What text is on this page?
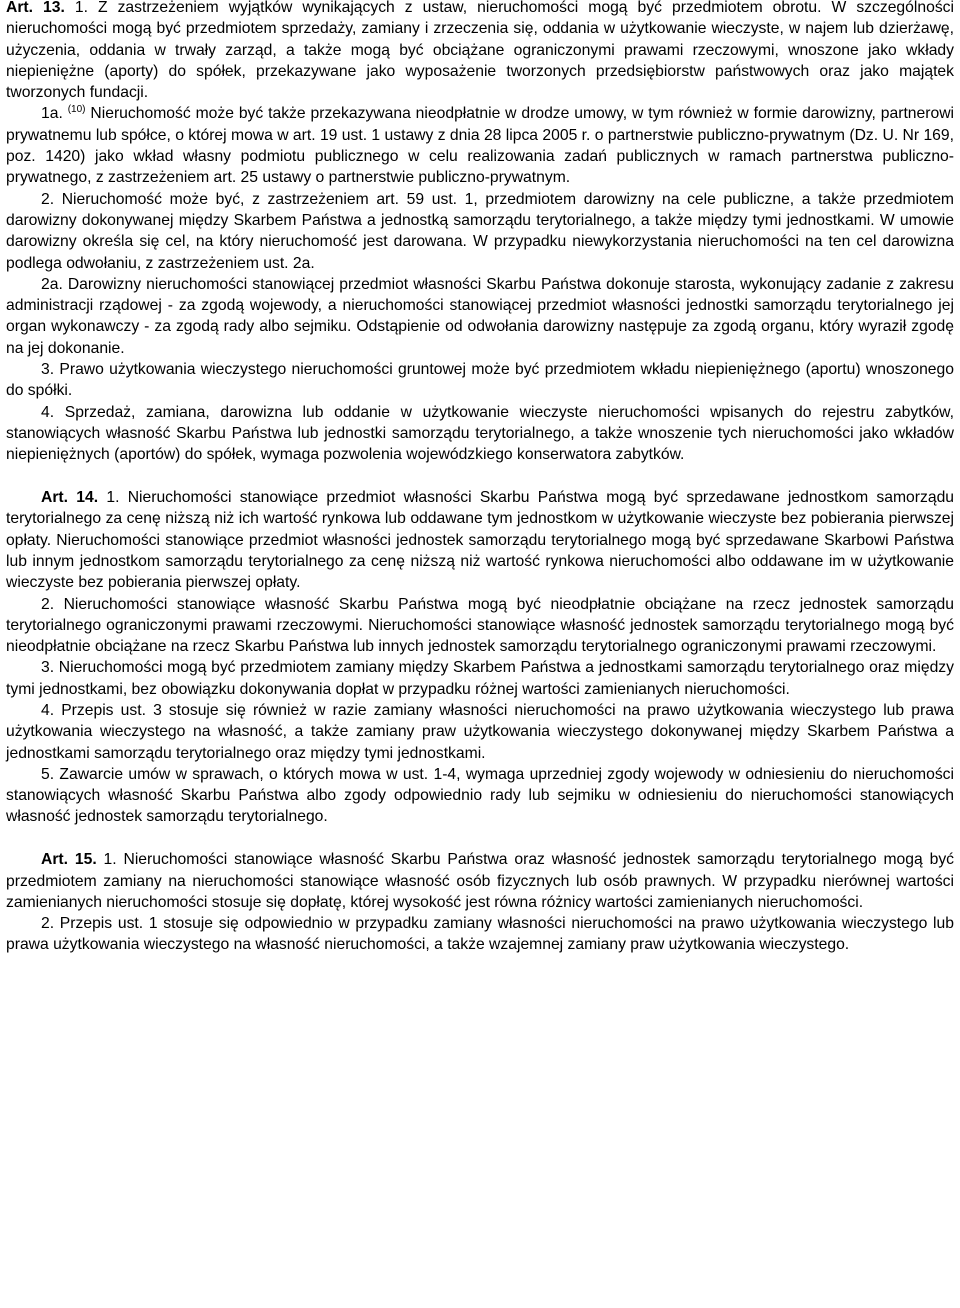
Art. 13. 1. Z zastrzeżeniem wyjątków wynikających z ustaw, nieruchomości mogą być przedmiotem obrotu. W szczególności nieruchomości mogą być przedmiotem sprzedaży, zamiany i zrzeczenia się, oddania w użytkowanie wieczyste, w najem lub dzierżawę, użyczenia, oddania w trwały zarząd, a także mogą być obciążane ograniczonymi prawami rzeczowymi, wnoszone jako wkłady niepieniężne (aporty) do spółek, przekazywane jako wyposażenie tworzonych przedsiębiorstw państwowych oraz jako majątek tworzonych fundacji.

1a. $^{(10)}$ Nieruchomość może być także przekazywana nieodpłatnie w drodze umowy, w tym również w formie darowizny, partnerowi prywatnemu lub spółce, o której mowa w art. 19 ust. 1 ustawy z dnia 28 lipca 2005 r. o partnerstwie publiczno-prywatnym (Dz. U. Nr 169, poz. 1420) jako wkład własny podmiotu publicznego w celu realizowania zadań publicznych w ramach partnerstwa publiczno-prywatnego, z zastrzeżeniem art. 25 ustawy o partnerstwie publiczno-prywatnym.

2. Nieruchomość może być, z zastrzeżeniem art. 59 ust. 1, przedmiotem darowizny na cele publiczne, a także przedmiotem darowizny dokonywanej między Skarbem Państwa a jednostką samorządu terytorialnego, a także między tymi jednostkami. W umowie darowizny określa się cel, na który nieruchomość jest darowana. W przypadku niewykorzystania nieruchomości na ten cel darowizna podlega odwołaniu, z zastrzeżeniem ust. 2a.

2a. Darowizny nieruchomości stanowiącej przedmiot własności Skarbu Państwa dokonuje starosta, wykonujący zadanie z zakresu administracji rządowej - za zgodą wojewody, a nieruchomości stanowiącej przedmiot własności jednostki samorządu terytorialnego jej organ wykonawczy - za zgodą rady albo sejmiku. Odstąpienie od odwołania darowizny następuje za zgodą organu, który wyraził zgodę na jej dokonanie.

3. Prawo użytkowania wieczystego nieruchomości gruntowej może być przedmiotem wkładu niepieniężnego (aportu) wnoszonego do spółki.

4. Sprzedaż, zamiana, darowizna lub oddanie w użytkowanie wieczyste nieruchomości wpisanych do rejestru zabytków, stanowiących własność Skarbu Państwa lub jednostki samorządu terytorialnego, a także wnoszenie tych nieruchomości jako wkładów niepieniężnych (aportów) do spółek, wymaga pozwolenia wojewódzkiego konserwatora zabytków.

Art. 14. 1. Nieruchomości stanowiące przedmiot własności Skarbu Państwa mogą być sprzedawane jednostkom samorządu terytorialnego za cenę niższą niż ich wartość rynkowa lub oddawane tym jednostkom w użytkowanie wieczyste bez pobierania pierwszej opłaty. Nieruchomości stanowiące przedmiot własności jednostek samorządu terytorialnego mogą być sprzedawane Skarbowi Państwa lub innym jednostkom samorządu terytorialnego za cenę niższą niż wartość rynkowa nieruchomości albo oddawane im w użytkowanie wieczyste bez pobierania pierwszej opłaty.

2. Nieruchomości stanowiące własność Skarbu Państwa mogą być nieodpłatnie obciążane na rzecz jednostek samorządu terytorialnego ograniczonymi prawami rzeczowymi. Nieruchomości stanowiące własność jednostek samorządu terytorialnego mogą być nieodpłatnie obciążane na rzecz Skarbu Państwa lub innych jednostek samorządu terytorialnego ograniczonymi prawami rzeczowymi.

3. Nieruchomości mogą być przedmiotem zamiany między Skarbem Państwa a jednostkami samorządu terytorialnego oraz między tymi jednostkami, bez obowiązku dokonywania dopłat w przypadku różnej wartości zamienianych nieruchomości.

4. Przepis ust. 3 stosuje się również w razie zamiany własności nieruchomości na prawo użytkowania wieczystego lub prawa użytkowania wieczystego na własność, a także zamiany praw użytkowania wieczystego dokonywanej między Skarbem Państwa a jednostkami samorządu terytorialnego oraz między tymi jednostkami.

5. Zawarcie umów w sprawach, o których mowa w ust. 1-4, wymaga uprzedniej zgody wojewody w odniesieniu do nieruchomości stanowiących własność Skarbu Państwa albo zgody odpowiednio rady lub sejmiku w odniesieniu do nieruchomości stanowiących własność jednostek samorządu terytorialnego.

Art. 15. 1. Nieruchomości stanowiące własność Skarbu Państwa oraz własność jednostek samorządu terytorialnego mogą być przedmiotem zamiany na nieruchomości stanowiące własność osób fizycznych lub osób prawnych. W przypadku nierównej wartości zamienianych nieruchomości stosuje się dopłatę, której wysokość jest równa różnicy wartości zamienianych nieruchomości.

2. Przepis ust. 1 stosuje się odpowiednio w przypadku zamiany własności nieruchomości na prawo użytkowania wieczystego lub prawa użytkowania wieczystego na własność nieruchomości, a także wzajemnej zamiany praw użytkowania wieczystego.
